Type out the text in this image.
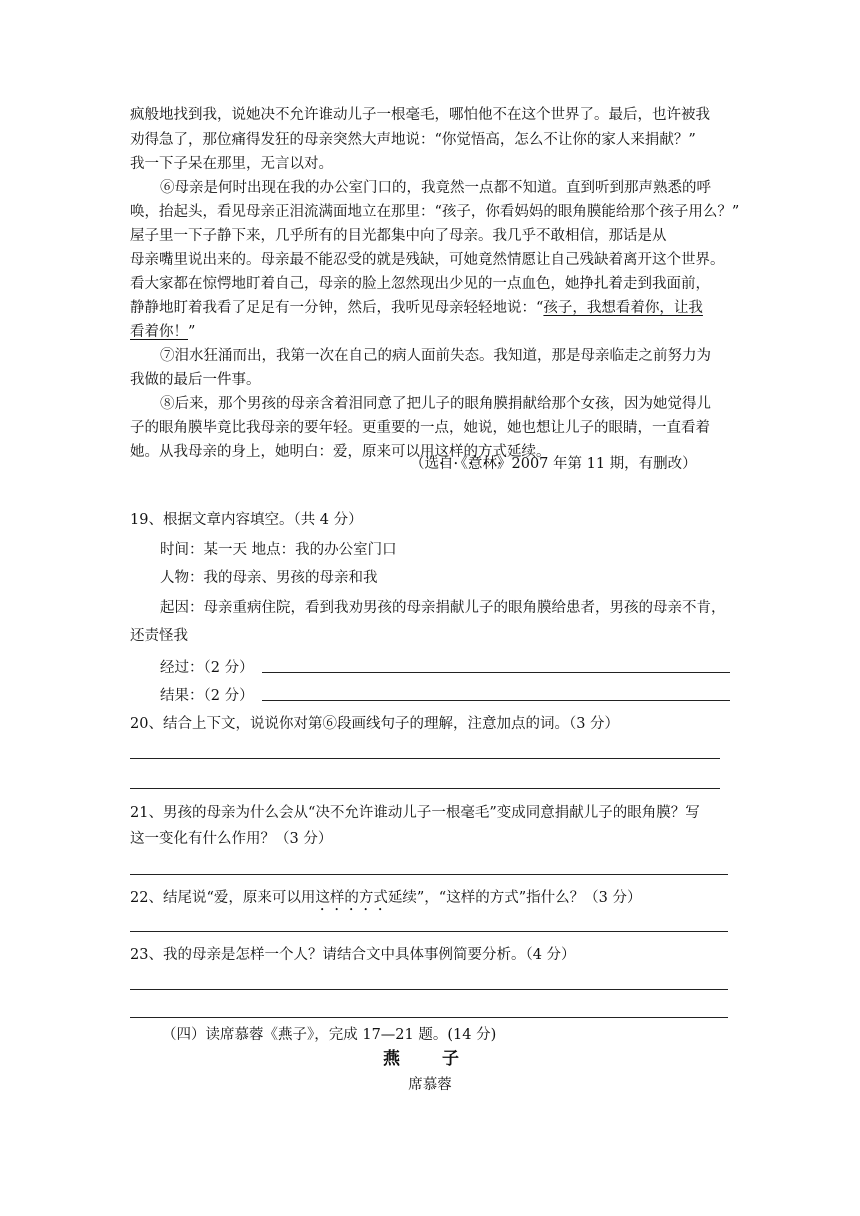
疯般地找到我，说她决不允许谁动儿子一根毫毛，哪怕他不在这个世界了。最后，也许被我

劝得急了，那位痛得发狂的母亲突然大声地说：“你觉悟高，怎么不让你的家人来捐献？”

我一下子呆在那里，无言以对。

⑥母亲是何时出现在我的办公室门口的，我竟然一点都不知道。直到听到那声熟悉的呼

唤，抬起头，看见母亲正泪流满面地立在那里：“孩子，你看妈妈的眼角膜能给那个孩子用么？”

屋子里一下子静下来，几乎所有的目光都集中向了母亲。我几乎不敢相信，那话是从

母亲嘴里说出来的。母亲最不能忍受的就是残缺，可她竟然情愿让自己残缺着离开这个世界。

看大家都在惊愕地盯着自己，母亲的脸上忽然现出少见的一点血色，她挣扎着走到我面前，

静静地盯着我看了足足有一分钟，然后，我听见母亲轻轻地说：“孩子，我想看着你，让我

看着你！”

⑦泪水狂涌而出，我第一次在自己的病人面前失态。我知道，那是母亲临走之前努力为

我做的最后一件事。

⑧后来，那个男孩的母亲含着泪同意了把儿子的眼角膜捐献给那个女孩，因为她觉得儿

子的眼角膜毕竟比我母亲的要年轻。更重要的一点，她说，她也想让儿子的眼睛，一直看着

她。从我母亲的身上，她明白：爱，原来可以用这样的方式延续。

（选自《意林》2007 年第 11 期，有删改）
19、根据文章内容填空。（共 4 分）
时间：某一天 地点：我的办公室门口
人物：我的母亲、男孩的母亲和我
起因：母亲重病住院，看到我劝男孩的母亲捐献儿子的眼角膜给患者，男孩的母亲不肯，
还责怪我
经过：（2 分）
结果：（2 分）
20、结合上下文，说说你对第⑥段画线句子的理解，注意加点的词。（3 分）
21、男孩的母亲为什么会从“决不允许谁动儿子一根毫毛”变成同意捐献儿子的眼角膜？写
这一变化有什么作用？（3 分）
22、结尾说“爱，原来可以用这样的方式延续”，“这样的方式”指什么？（3 分）
23、我的母亲是怎样一个人？请结合文中具体事例简要分析。（4 分）
（四）读席慕蓉《燕子》，完成 17—21 题。(14 分)
燕 子
席慕蓉
